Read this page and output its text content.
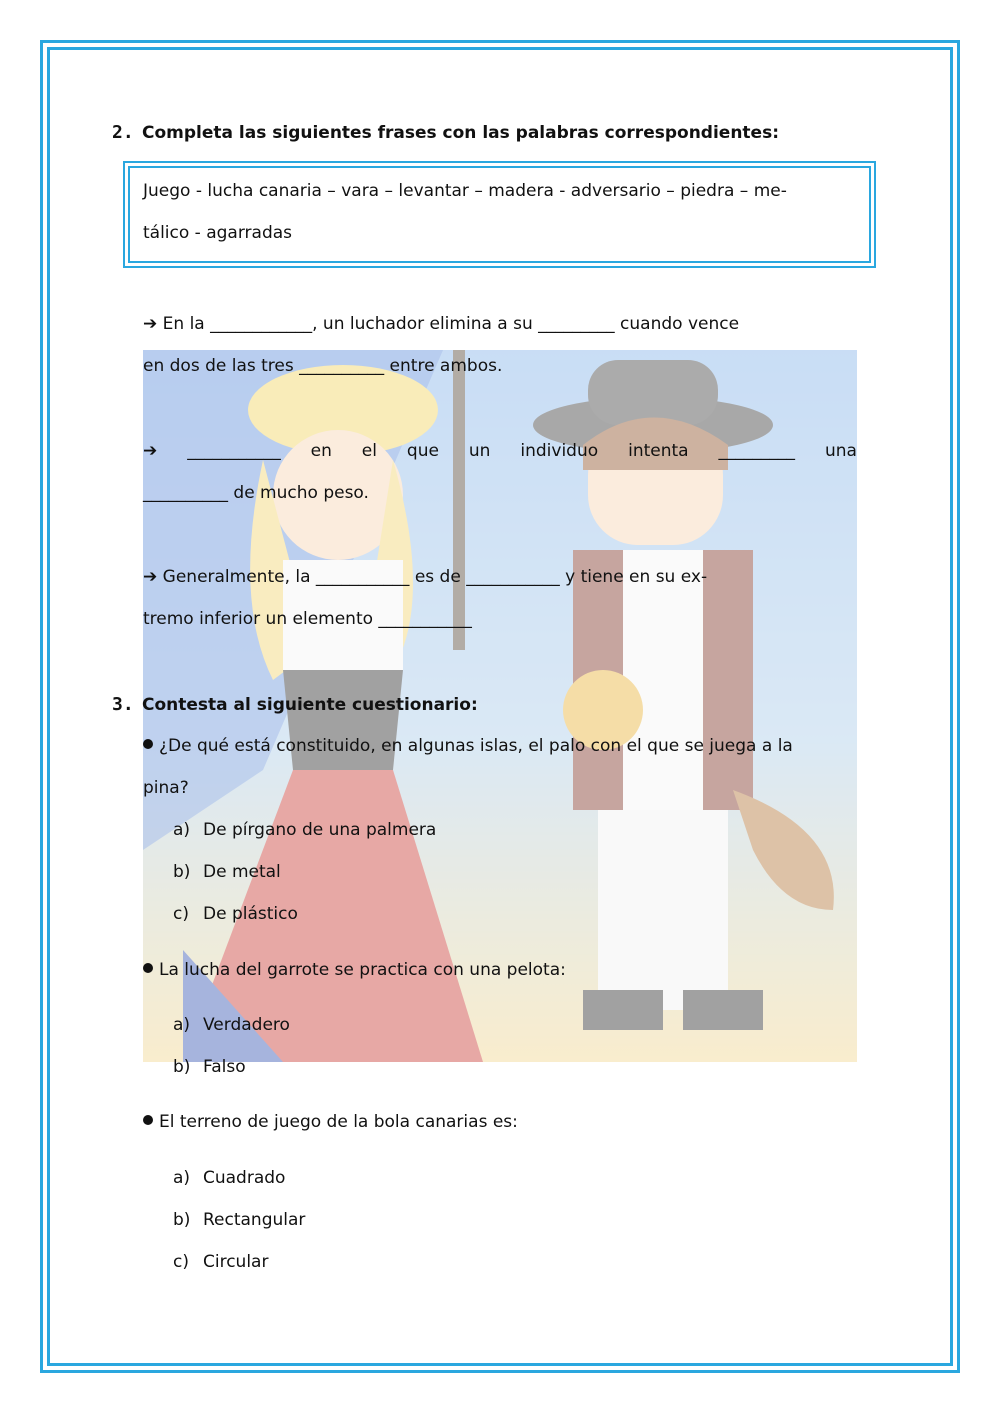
2. Completa las siguientes frases con las palabras correspondientes:
Juego - lucha canaria – vara – levantar – madera - adversario – piedra – me-
tálico - agarradas
➔ En la ____________, un luchador elimina a su _________ cuando vence
en dos de las tres __________ entre ambos.
➔ ___________ en el que un individuo intenta _________ una
__________ de mucho peso.
➔ Generalmente, la ___________ es de ___________ y tiene en su ex-
tremo inferior un elemento ___________
3. Contesta al siguiente cuestionario:
¿De qué está constituido, en algunas islas, el palo con el que se juega a la
pina?
a) De pírgano de una palmera
b) De metal
c) De plástico
La lucha del garrote se practica con una pelota:
a) Verdadero
b) Falso
El terreno de juego de la bola canarias es:
a) Cuadrado
b) Rectangular
c) Circular
